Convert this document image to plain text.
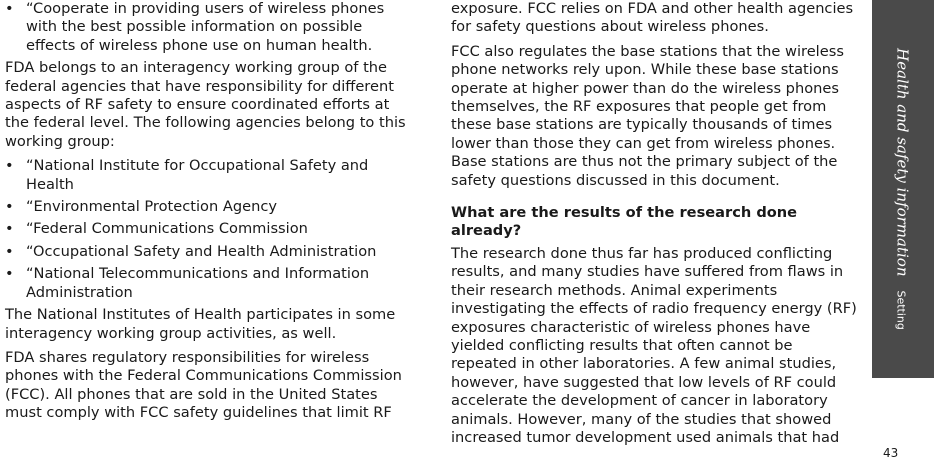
• “Cooperate in providing users of wireless phones with the best possible information on possible effects of wireless phone use on human health.

FDA belongs to an interagency working group of the federal agencies that have responsibility for different aspects of RF safety to ensure coordinated efforts at the federal level. The following agencies belong to this working group:

• “National Institute for Occupational Safety and Health
• “Environmental Protection Agency
• “Federal Communications Commission
• “Occupational Safety and Health Administration
• “National Telecommunications and Information Administration

The National Institutes of Health participates in some interagency working group activities, as well.

FDA shares regulatory responsibilities for wireless phones with the Federal Communications Commission (FCC). All phones that are sold in the United States must comply with FCC safety guidelines that limit RF

exposure. FCC relies on FDA and other health agencies for safety questions about wireless phones.

FCC also regulates the base stations that the wireless phone networks rely upon. While these base stations operate at higher power than do the wireless phones themselves, the RF exposures that people get from these base stations are typically thousands of times lower than those they can get from wireless phones. Base stations are thus not the primary subject of the safety questions discussed in this document.

What are the results of the research done already?

The research done thus far has produced conflicting results, and many studies have suffered from flaws in their research methods. Animal experiments investigating the effects of radio frequency energy (RF) exposures characteristic of wireless phones have yielded conflicting results that often cannot be repeated in other laboratories. A few animal studies, however, have suggested that low levels of RF could accelerate the development of cancer in laboratory animals. However, many of the studies that showed increased tumor development used animals that had

Health and safety informationSetting
43
